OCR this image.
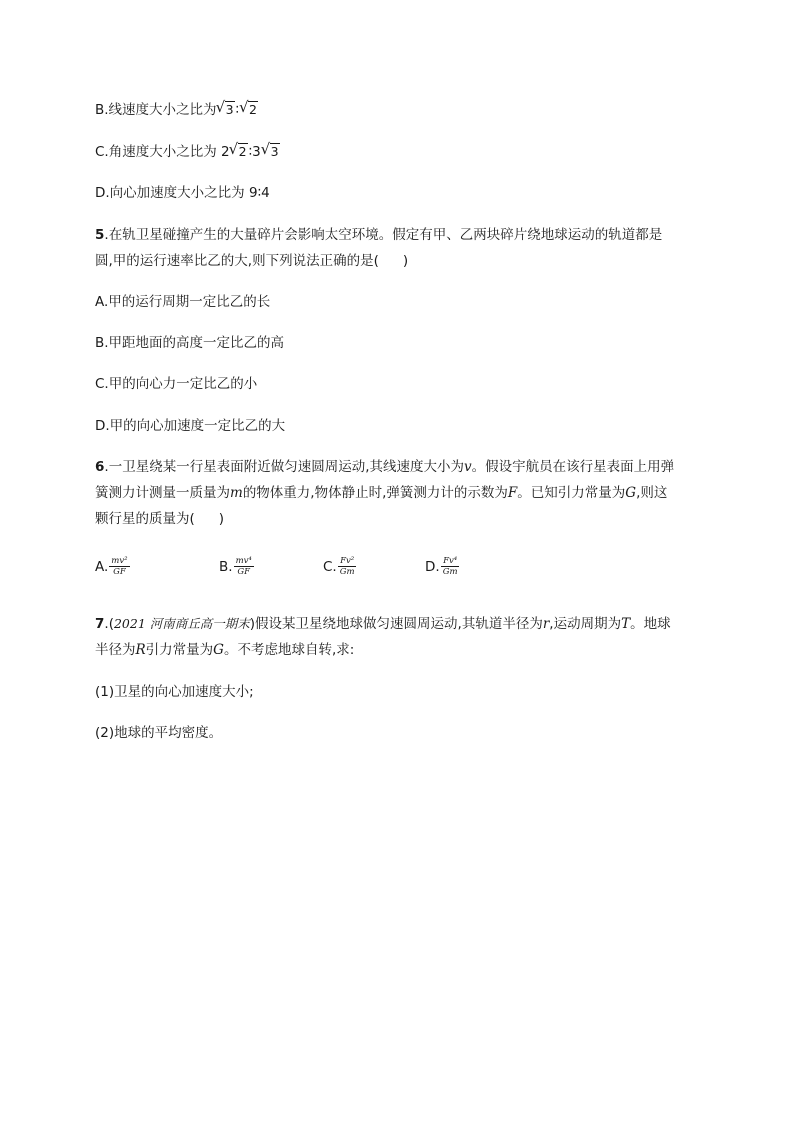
B.线速度大小之比为 √ 3 ∶ √ 2
C.角速度大小之比为 2 √ 2 ∶3 √ 3
D.向心加速度大小之比为 9∶4
5.在轨卫星碰撞产生的大量碎片会影响太空环境。假定有甲、乙两块碎片绕地球运动的轨道都是
圆,甲的运行速率比乙的大,则下列说法正确的是( )
A.甲的运行周期一定比乙的长
B.甲距地面的高度一定比乙的高
C.甲的向心力一定比乙的小
D.甲的向心加速度一定比乙的大
6.一卫星绕某一行星表面附近做匀速圆周运动,其线速度大小为v。假设宇航员在该行星表面上用弹
簧测力计测量一质量为m的物体重力,物体静止时,弹簧测力计的示数为F。已知引力常量为G,则这
颗行星的质量为( )
A. $\frac{\text{mv²}}{GF}$	B. $\frac{\text{mv⁴}}{GF}$	C. $\frac{\text{Fv²}}{Gm}$	D. $\frac{\text{Fv⁴}}{Gm}$
7.(2021 河南商丘高一期末)假设某卫星绕地球做匀速圆周运动,其轨道半径为r,运动周期为T。地球
半径为R引力常量为G。不考虑地球自转,求:
(1)卫星的向心加速度大小;
(2)地球的平均密度。
